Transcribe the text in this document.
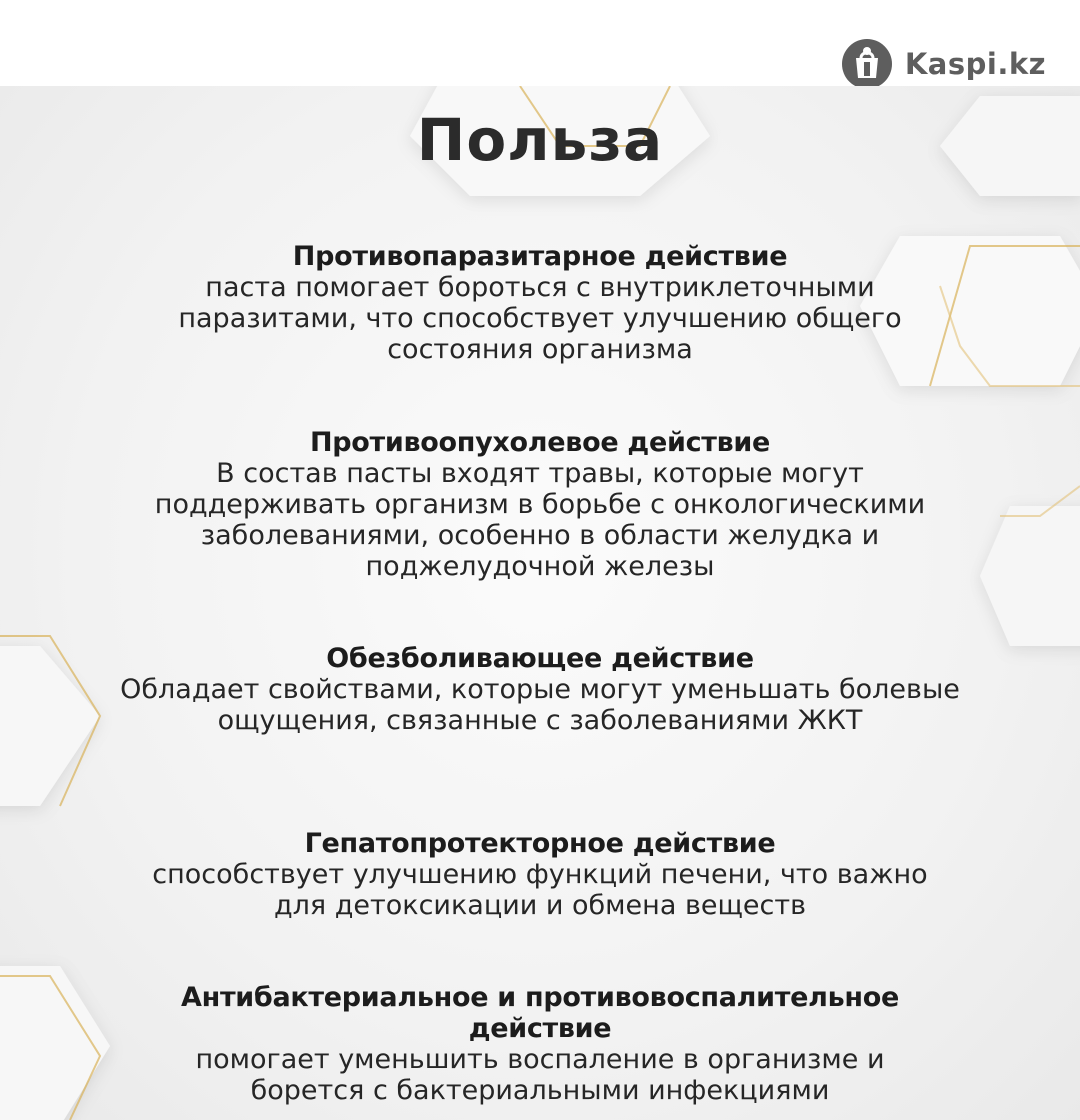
Kaspi.kz
Польза
Противопаразитарное действие

паста помогает бороться с внутриклеточными паразитами, что способствует улучшению общего состояния организма

Противоопухолевое действие

В состав пасты входят травы, которые могут поддерживать организм в борьбе с онкологическими заболеваниями, особенно в области желудка и поджелудочной железы

Обезболивающее действие

Обладает свойствами, которые могут уменьшать болевые ощущения, связанные с заболеваниями ЖКТ

Гепатопротекторное действие

способствует улучшению функций печени, что важно для детоксикации и обмена веществ

Антибактериальное и противовоспалительное действие

помогает уменьшить воспаление в организме и борется с бактериальными инфекциями
